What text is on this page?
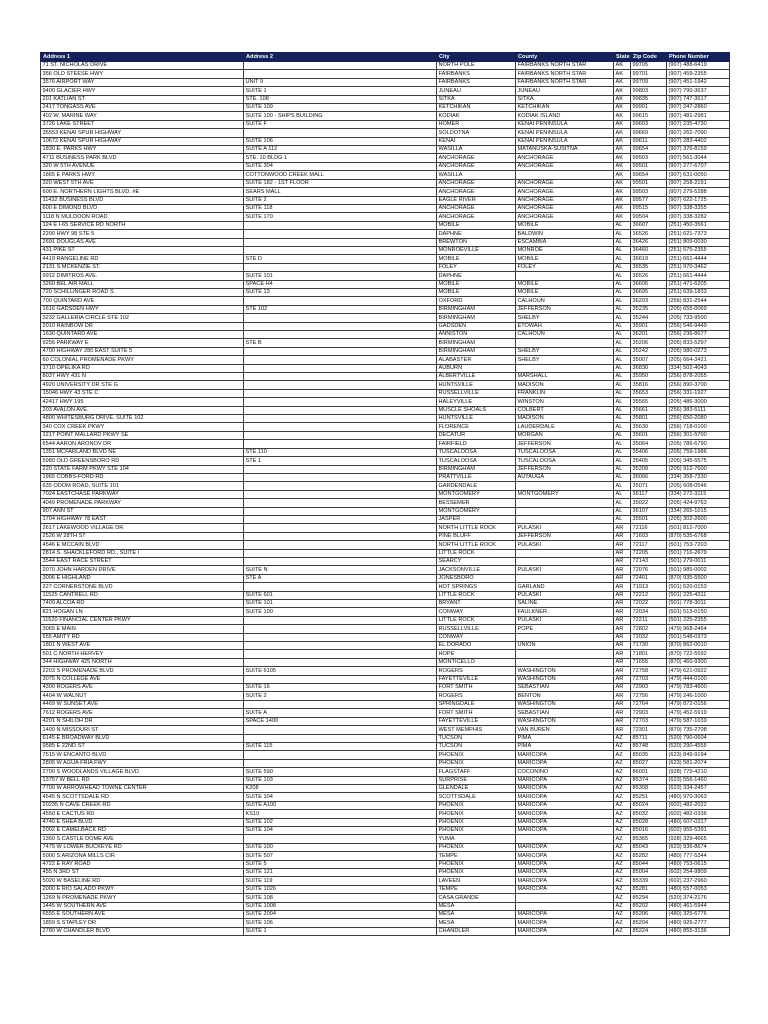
Address 1	Address 2	City	County	State	Zip Code	Phone Number
71 ST. NICHOLAS DRIVE		NORTH POLE	FAIRBANKS NORTH STAR	AK	99705	(907) 488-6419
356 OLD STEESE HWY		FAIRBANKS	FAIRBANKS NORTH STAR	AK	99701	(907) 459-2355
3576 AIRPORT WAY	UNIT 9	FAIRBANKS	FAIRBANKS NORTH STAR	AK	99709	(907) 451-1942
9400 GLACIER HWY	SUITE 1	JUNEAU	JUNEAU	AK	99803	(907) 790-3637
201 KATLIAN ST	STE. 108	SITKA	SITKA	AK	99835	(907) 747-3617
2417 TONGASS AVE	SUITE 109	KETCHIKAN	KETCHIKAN	AK	99901	(907) 247-2860
402 W. MARINE WAY	SUITE 100 - SHIPS BUILDING	KODIAK	KODIAK ISLAND	AK	99615	(907) 481-2981
3726 LAKE STREET	SUITE F	HOMER	KENAI PENINSULA	AK	99603	(907) 235-4730
35553 KENAI SPUR HIGHWAY		SOLDOTNA	KENAI PENINSULA	AK	99669	(907) 262-7090
10672 KENAI SPUR HIGHWAY	SUITE 106	KENAI	KENAI PENINSULA	AK	99611	(907) 283-4402
1830 E. PARKS HWY	SUITE A 112	WASILLA	MATANUSKA-SUSITNA	AK	99654	(907) 376-8159
4711 BUSINESS PARK BLVD	STE. 10 BLDG 1	ANCHORAGE	ANCHORAGE	AK	99503	(907) 561-3044
320 W 5TH AVENUE	SUITE 304	ANCHORAGE	ANCHORAGE	AK	99501	(907) 277-6707
1865 E PARKS HWY	COTTONWOOD CREEK MALL	WASILLA		AK	99654	(907) 631-0050
320 WEST 5TH AVE	SUITE 182 - 1ST FLOOR	ANCHORAGE	ANCHORAGE	AK	99501	(907) 258-2191
600 E. NORTHERN LIGHTS BLVD. #E	SEARS MALL	ANCHORAGE	ANCHORAGE	AK	99503	(907) 279-5288
11432 BUSINESS BLVD	SUITE 2	EAGLE RIVER	ANCHORAGE	AK	99577	(907) 622-1725
600 E DIMOND BLVD	SUITE 118	ANCHORAGE	ANCHORAGE	AK	99515	(907) 338-3355
1118 N MULDOON ROAD	SUITE 170	ANCHORAGE	ANCHORAGE	AK	99504	(907) 338-3282
124 E I-65 SERVICE RD NORTH		MOBILE	MOBILE	AL	36607	(251) 450-3561
2200 HWY 98 STE 5		DAPHNE	BALDWIN	AL	36526	(251) 621-7373
2691 DOUGLAS AVE		BREWTON	ESCAMBIA	AL	36426	(251) 809-0030
431 PIKE ST		MONROEVILLE	MONROE	AL	36460	(251) 575-2355
4419 RANGELINE RD	STE D	MOBILE	MOBILE	AL	36619	(251) 661-4444
2131 S MCKENZIE ST.		FOLEY	FOLEY	AL	36535	(251) 970-3462
9912 DIMITROS AVE.	SUITE 101	DAPHNE		AL	36526	(251) 661-4444
3260 BEL AIR MALL	SPACE H4	MOBILE	MOBILE	AL	36606	(251) 471-6205
720 SCHILLINGER ROAD S	SUITE 13	MOBILE	MOBILE	AL	36695	(251) 639-1833
700 QUINTARD AVE		OXFORD	CALHOUN	AL	36203	(256) 831-2544
1616 GADSDEN HWY	STE 102	BIRMINGHAM	JEFFERSON	AL	35235	(205) 655-0069
3232 GALLERIA CIRCLE STE 102		BIRMINGHAM	SHELBY	AL	35244	(205) 733-9500
2010 RAINBOW DR		GADSDEN	ETOWAH	AL	35901	(256) 546-9449
1630 QUINTARD AVE		ANNISTON	CALHOUN	AL	36201	(256) 236-8677
9256 PARKWAY E	STE B	BIRMINGHAM		AL	35206	(205) 833-5297
4700 HIGHWAY 280 EAST SUITE 5		BIRMINGHAM	SHELBY	AL	35242	(205) 980-0273
60 COLONIAL PROMENADE PKWY		ALABASTER	SHELBY	AL	35007	(205) 664-3421
1710 OPELIKA RD		AUBURN		AL	36830	(334) 502-4043
8037 HWY 431 N		ALBERTVILLE	MARSHALL	AL	35950	(256) 878-2055
4920 UNIVERSITY DR STE G		HUNTSVILLE	MADISON	AL	35816	(256) 890-3700
15046 HWY 43 STE C		RUSSELLVILLE	FRANKLIN	AL	35653	(256) 331-1927
42417 HWY 195		HALEYVILLE	WINSTON	AL	35565	(205) 486-3000
203 AVALON AVE.		MUSCLE SHOALS	COLBERT	AL	35661	(256) 383-5111
4800 WHITESBURG DRIVE, SUITE 102		HUNTSVILLE	MADISON	AL	35801	(256) 650-2080
340 COX CREEK PKWY		FLORENCE	LAUDERDALE	AL	35630	(256) 718-0100
1217 POINT MALLARD PKWY SE		DECATUR	MORGAN	AL	35601	(256) 301-5700
6544 AARON ARONOV DR		FAIRFIELD	JEFFERSON	AL	35064	(205) 786-6790
1351 MCFARLAND BLVD NE	STE 110	TUSCALOOSA	TUSCALOOSA	AL	35406	(205) 759-1986
5980 OLD GREENSBORO RD	STE 1	TUSCALOOSA	TUSCALOOSA	AL	35405	(205) 345-5575
220 STATE FARM PKWY STE 104		BIRMINGHAM	JEFFERSON	AL	35209	(205) 912-7600
1965 COBBS-FORD RD		PRATTVILLE	AUTAUGA	AL	36066	(334) 358-7330
635 ODOM ROAD, SUITE 101		GARDENDALE		AL	35071	(205) 608-0546
7024 EASTCHASE PARKWAY		MONTGOMERY	MONTGOMERY	AL	36117	(334) 272-3115
4049 PROMENADE PARKWAY		BESSEMER		AL	35022	(205) 424-9763
907 ANN ST		MONTGOMERY		AL	36107	(334) 265-1015
1704 HIGHWAY 78 EAST		JASPER		AL	35501	(205) 302-2600
2617 LAKEWOOD VILLAGE DR		NORTH LITTLE ROCK	PULASKI	AR	72116	(501) 812-7000
2526 W 28TH ST		PINE BLUFF	JEFFERSON	AR	71603	(870) 535-6768
4546 E MCCAIN BLVD		NORTH LITTLE ROCK	PULASKI	AR	72117	(501) 753-7203
2814 S. SHACKLEFORD RD., SUITE I		LITTLE ROCK		AR	72205	(501) 716-2679
3544 EAST RACE STREET		SEARCY		AR	72143	(501) 279-0011
2070 JOHN HARDEN DRIVE	SUITE N	JACKSONVILLE	PULASKI	AR	72076	(501) 985-0002
3006 E HIGHLAND	STE A	JONESBORO		AR	72401	(870) 935-5500
227 CORNERSTONE BLVD		HOT SPRINGS	GARLAND	AR	71913	(501) 520-0153
11525 CANTRELL RD	SUITE 601	LITTLE ROCK	PULASKI	AR	72212	(501) 225-4311
7409 ALCOA RD	SUITE 101	BRYANT	SALINE	AR	72022	(501) 778-3011
821 HOGAN LN	SUITE 100	CONWAY	FAULKNER	AR	72034	(501) 513-0150
11520 FINANCIAL CENTER PKWY		LITTLE ROCK	PULASKI	AR	72211	(501) 225-2355
3065 E MAIN		RUSSELLVILLE	POPE	AR	72802	(479) 968-2464
655 AMITY RD		CONWAY		AR	72032	(501) 548-0373
1801 N WEST AVE		EL DORADO	UNION	AR	71730	(870) 862-0010
501 C NORTH HERVEY		HOPE		AR	71801	(870) 722-5592
344 HIGHWAY 425 NORTH		MONTICELLO		AR	71655	(870) 460-9300
2203 S PROMENADE BLVD	SUITE 6105	ROGERS	WASHINGTON	AR	72758	(479) 621-0922
3075 N COLLEGE AVE		FAYETTEVILLE	WASHINGTON	AR	72703	(479) 444-0100
4300 ROGERS AVE	SUITE 16	FORT SMITH	SEBASTIAN	AR	72903	(479) 783-4600
4404 W WALNUT	SUITE 2	ROGERS	BENTON	AR	72756	(479) 246-1000
4469 W SUNSET AVE		SPRINGDALE	WASHINGTON	AR	72764	(479) 872-0156
7612 ROGERS AVE	SUITE A	FORT SMITH	SEBASTIAN	AR	72903	(479) 452-5919
4201 N SHILOH DR	SPACE 1400	FAYETTEVILLE	WASHINGTON	AR	72703	(479) 587-1039
1400 N MISSOURI ST		WEST MEMPHIS	VAN BUREN	AR	72301	(870) 735-2708
6145 E BROADWAY BLVD		TUCSON	PIMA	AZ	85711	(520) 790-0604
9585 E 22ND ST	SUITE 115	TUCSON	PIMA	AZ	85748	(520) 290-4555
7515 W ENCANTO BLVD		PHOENIX	MARICOPA	AZ	85035	(623) 849-9194
2805 W AGUA FRIA FWY		PHOENIX	MARICOPA	AZ	85027	(623) 581-2074
2700 S WOODLANDS VILLAGE BLVD	SUITE 590	FLAGSTAFF	COCONINO	AZ	86001	(928) 779-4210
13757 W BELL RD	SUITE 103	SURPRISE	MARICOPA	AZ	85374	(623) 556-1460
7700 W ARROWHEAD TOWNE CENTER	K208	GLENDALE	MARICOPA	AZ	85308	(623) 334-2457
4545 N SCOTTSDALE RD	SUITE 104	SCOTTSDALE	MARICOPA	AZ	85251	(480) 970-3063
20235 N CAVE CREEK RD	SUITE A100	PHOENIX	MARICOPA	AZ	85024	(602) 482-2022
4550 E CACTUS RD	KS10	PHOENIX	MARICOPA	AZ	85032	(602) 482-0336
4740 E SHEA BLVD	SUITE 102	PHOENIX	MARICOPA	AZ	85028	(480) 607-0317
2002 E CAMELBACK RD	SUITE 104	PHOENIX	MARICOPA	AZ	85016	(602) 955-5391
1360 S CASTLE DOME AVE		YUMA		AZ	85365	(928) 329-4665
7475 W LOWER BUCKEYE RD	SUITE 100	PHOENIX	MARICOPA	AZ	85043	(623) 936-8674
5000 S ARIZONA MILLS CIR	SUITE 507	TEMPE	MARICOPA	AZ	85282	(480) 777-5344
4722 E RAY ROAD	SUITE 5	PHOENIX	MARICOPA	AZ	85044	(480) 753-0615
455 N 3RD ST	SUITE 121	PHOENIX	MARICOPA	AZ	85004	(602) 254-9809
5020 W BASELINE RD	SUITE 119	LAVEEN	MARICOPA	AZ	85339	(602) 237-2960
2000 E RIO SALADO PKWY	SUITE 1026	TEMPE	MARICOPA	AZ	85281	(480) 557-0053
1269 N PROMENADE PKWY	SUITE 108	CASA GRANDE		AZ	85294	(520) 374-2176
1445 W SOUTHERN AVE	SUITE 1008	MESA		AZ	85202	(480) 461-5944
6555 E SOUTHERN AVE	SUITE 2004	MESA	MARICOPA	AZ	85206	(480) 325-6776
1859 S STAPLEY DR	SUITE 106	MESA	MARICOPA	AZ	85204	(480) 926-2777
2780 W CHANDLER BLVD	SUITE 1	CHANDLER	MARICOPA	AZ	85224	(480) 855-3136
